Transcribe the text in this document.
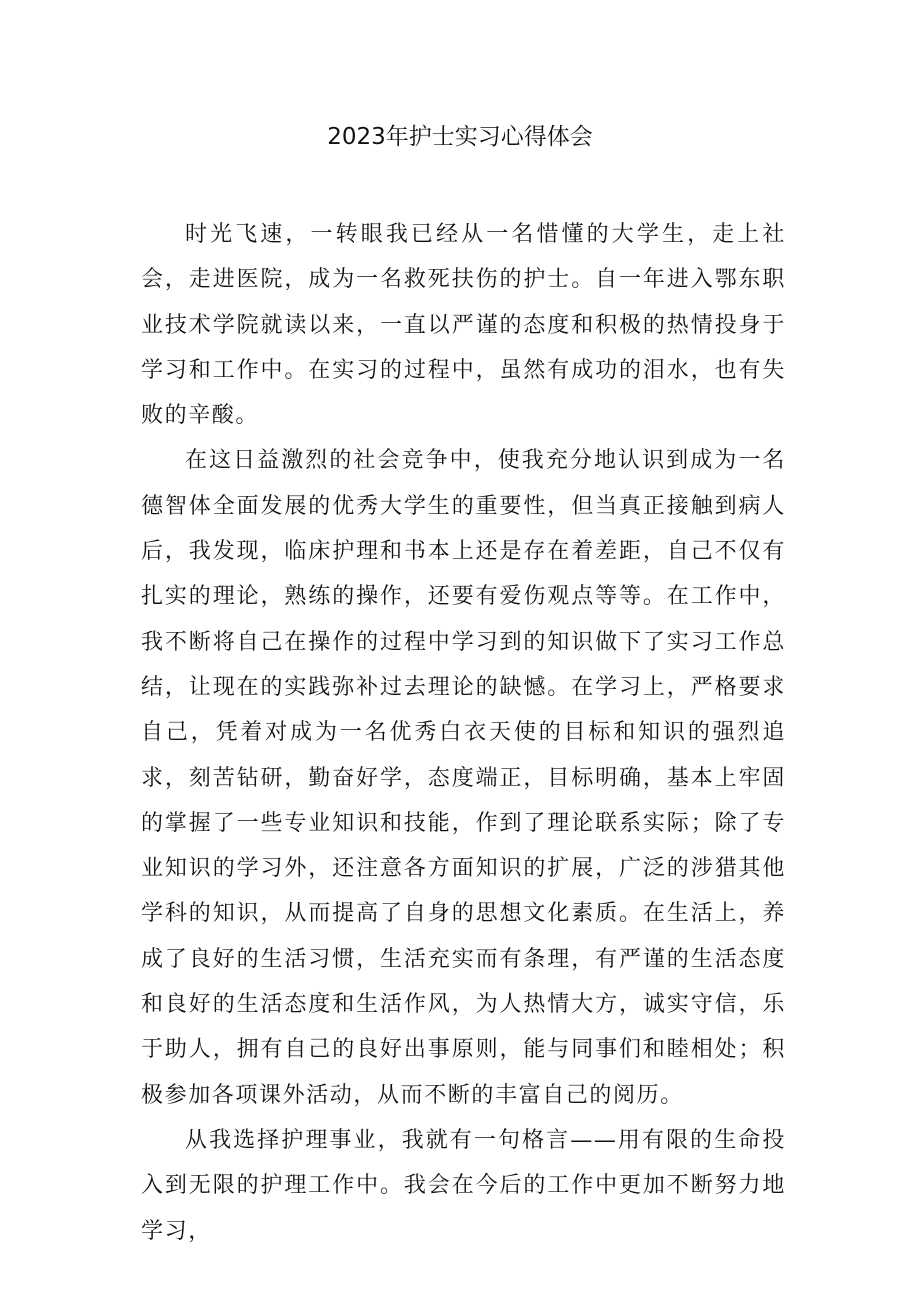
2023年护士实习心得体会

时光飞速，一转眼我已经从一名惜懂的大学生，走上社会，走进医院，成为一名救死扶伤的护士。自一年进入鄂东职业技术学院就读以来，一直以严谨的态度和积极的热情投身于学习和工作中。在实习的过程中，虽然有成功的泪水，也有失败的辛酸。

在这日益激烈的社会竞争中，使我充分地认识到成为一名德智体全面发展的优秀大学生的重要性，但当真正接触到病人后，我发现，临床护理和书本上还是存在着差距，自己不仅有扎实的理论，熟练的操作，还要有爱伤观点等等。在工作中，我不断将自己在操作的过程中学习到的知识做下了实习工作总结，让现在的实践弥补过去理论的缺憾。在学习上，严格要求自己，凭着对成为一名优秀白衣天使的目标和知识的强烈追求，刻苦钻研，勤奋好学，态度端正，目标明确，基本上牢固的掌握了一些专业知识和技能，作到了理论联系实际；除了专业知识的学习外，还注意各方面知识的扩展，广泛的涉猎其他学科的知识，从而提高了自身的思想文化素质。在生活上，养成了良好的生活习惯，生活充实而有条理，有严谨的生活态度和良好的生活态度和生活作风，为人热情大方，诚实守信，乐于助人，拥有自己的良好出事原则，能与同事们和睦相处；积极参加各项课外活动，从而不断的丰富自己的阅历。

从我选择护理事业，我就有一句格言——用有限的生命投入到无限的护理工作中。我会在今后的工作中更加不断努力地学习，
